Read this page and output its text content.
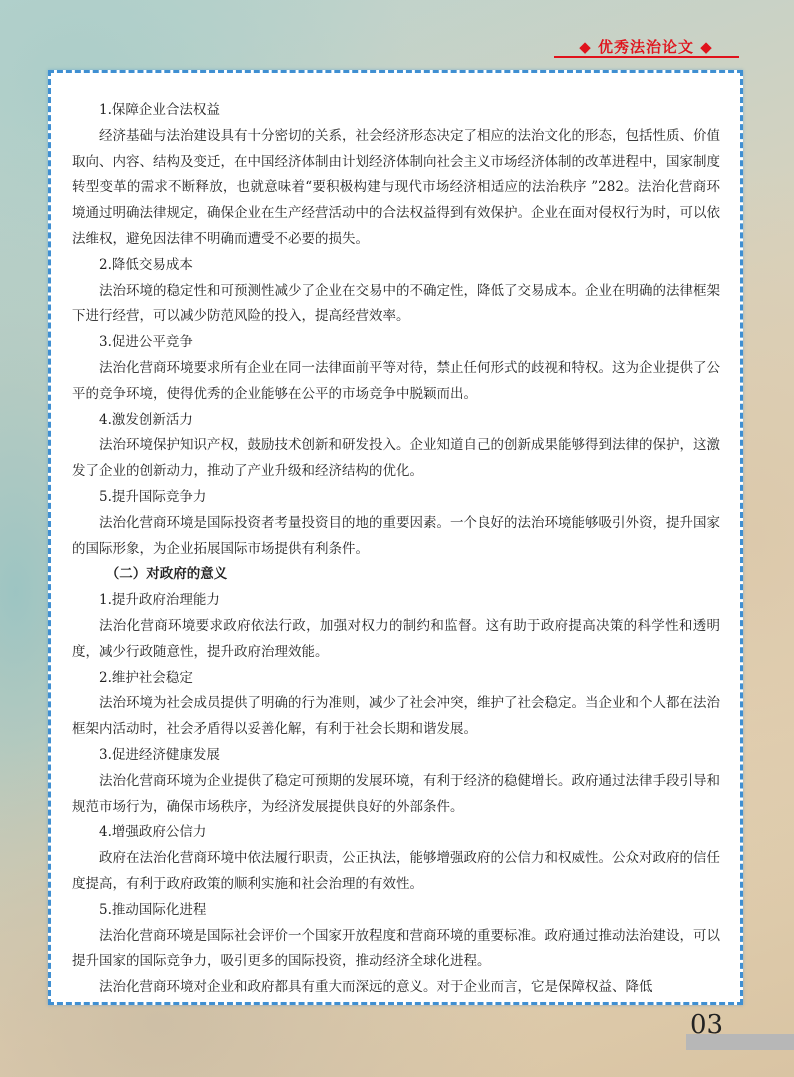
◆ 优秀法治论文 ◆

1.保障企业合法权益

经济基础与法治建设具有十分密切的关系，社会经济形态决定了相应的法治文化的形态，包括性质、价值取向、内容、结构及变迁，在中国经济体制由计划经济体制向社会主义市场经济体制的改革进程中，国家制度转型变革的需求不断释放，也就意味着“要积极构建与现代市场经济相适应的法治秩序 ”282。法治化营商环境通过明确法律规定，确保企业在生产经营活动中的合法权益得到有效保护。企业在面对侵权行为时，可以依法维权，避免因法律不明确而遭受不必要的损失。

2.降低交易成本

法治环境的稳定性和可预测性减少了企业在交易中的不确定性，降低了交易成本。企业在明确的法律框架下进行经营，可以减少防范风险的投入，提高经营效率。

3.促进公平竞争

法治化营商环境要求所有企业在同一法律面前平等对待，禁止任何形式的歧视和特权。这为企业提供了公平的竞争环境，使得优秀的企业能够在公平的市场竞争中脱颖而出。

4.激发创新活力

法治环境保护知识产权，鼓励技术创新和研发投入。企业知道自己的创新成果能够得到法律的保护，这激发了企业的创新动力，推动了产业升级和经济结构的优化。

5.提升国际竞争力

法治化营商环境是国际投资者考量投资目的地的重要因素。一个良好的法治环境能够吸引外资，提升国家的国际形象，为企业拓展国际市场提供有利条件。

（二）对政府的意义

1.提升政府治理能力

法治化营商环境要求政府依法行政，加强对权力的制约和监督。这有助于政府提高决策的科学性和透明度，减少行政随意性，提升政府治理效能。

2.维护社会稳定

法治环境为社会成员提供了明确的行为准则，减少了社会冲突，维护了社会稳定。当企业和个人都在法治框架内活动时，社会矛盾得以妥善化解，有利于社会长期和谐发展。

3.促进经济健康发展

法治化营商环境为企业提供了稳定可预期的发展环境，有利于经济的稳健增长。政府通过法律手段引导和规范市场行为，确保市场秩序，为经济发展提供良好的外部条件。

4.增强政府公信力

政府在法治化营商环境中依法履行职责，公正执法，能够增强政府的公信力和权威性。公众对政府的信任度提高，有利于政府政策的顺利实施和社会治理的有效性。

5.推动国际化进程

法治化营商环境是国际社会评价一个国家开放程度和营商环境的重要标准。政府通过推动法治建设，可以提升国家的国际竞争力，吸引更多的国际投资，推动经济全球化进程。

法治化营商环境对企业和政府都具有重大而深远的意义。对于企业而言，它是保障权益、降低

03
